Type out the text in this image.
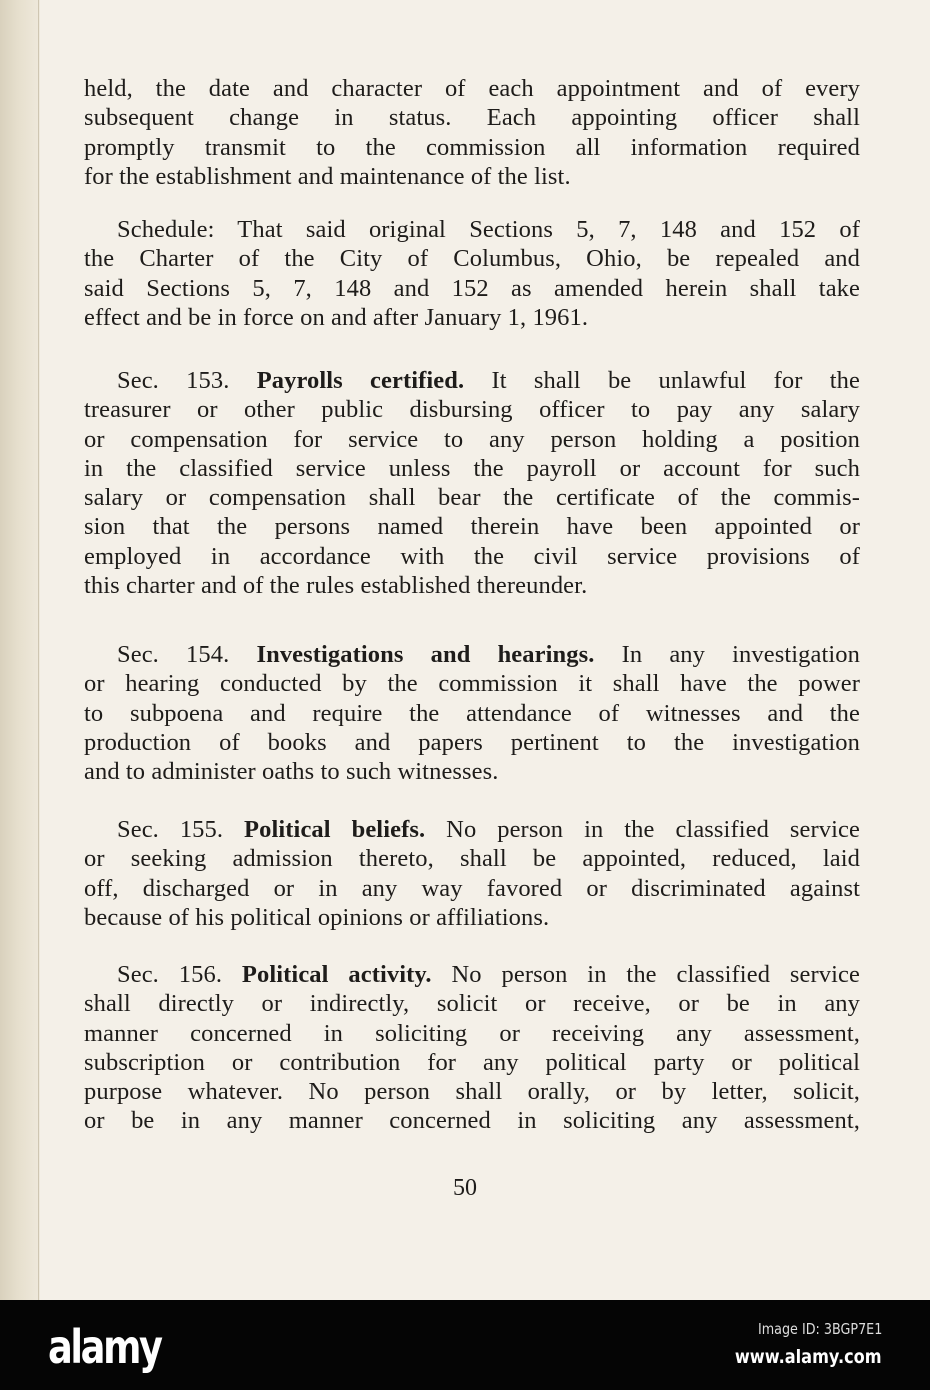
held, the date and character of each appointment and of every
subsequent change in status. Each appointing officer shall
promptly transmit to the commission all information required
for the establishment and maintenance of the list.
Schedule: That said original Sections 5, 7, 148 and 152 of
the Charter of the City of Columbus, Ohio, be repealed and
said Sections 5, 7, 148 and 152 as amended herein shall take
effect and be in force on and after January 1, 1961.
Sec. 153. Payrolls certified. It shall be unlawful for the
treasurer or other public disbursing officer to pay any salary
or compensation for service to any person holding a position
in the classified service unless the payroll or account for such
salary or compensation shall bear the certificate of the commis-
sion that the persons named therein have been appointed or
employed in accordance with the civil service provisions of
this charter and of the rules established thereunder.
Sec. 154. Investigations and hearings. In any investigation
or hearing conducted by the commission it shall have the power
to subpoena and require the attendance of witnesses and the
production of books and papers pertinent to the investigation
and to administer oaths to such witnesses.
Sec. 155. Political beliefs. No person in the classified service
or seeking admission thereto, shall be appointed, reduced, laid
off, discharged or in any way favored or discriminated against
because of his political opinions or affiliations.
Sec. 156. Political activity. No person in the classified service
shall directly or indirectly, solicit or receive, or be in any
manner concerned in soliciting or receiving any assessment,
subscription or contribution for any political party or political
purpose whatever. No person shall orally, or by letter, solicit,
or be in any manner concerned in soliciting any assessment,
50
alamy	Image ID: 3BGP7E1
www.alamy.com
